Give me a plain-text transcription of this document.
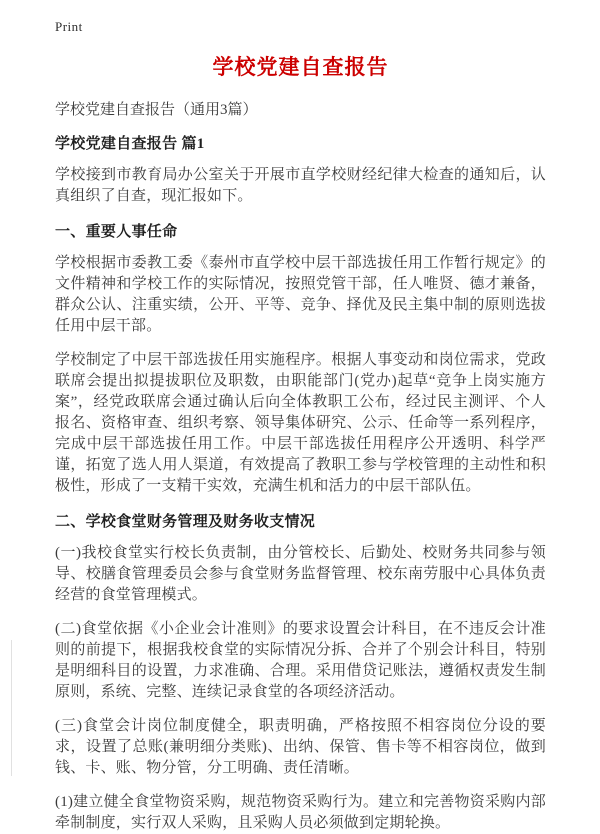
Print
学校党建自查报告
学校党建自查报告（通用3篇）
学校党建自查报告 篇1
学校接到市教育局办公室关于开展市直学校财经纪律大检查的通知后，认真组织了自查，现汇报如下。
一、重要人事任命
学校根据市委教工委《泰州市直学校中层干部选拔任用工作暂行规定》的文件精神和学校工作的实际情况，按照党管干部，任人唯贤、德才兼备，群众公认、注重实绩，公开、平等、竞争、择优及民主集中制的原则选拔任用中层干部。
学校制定了中层干部选拔任用实施程序。根据人事变动和岗位需求，党政联席会提出拟提拔职位及职数，由职能部门(党办)起草“竞争上岗实施方案”，经党政联席会通过确认后向全体教职工公布，经过民主测评、个人报名、资格审查、组织考察、领导集体研究、公示、任命等一系列程序，完成中层干部选拔任用工作。中层干部选拔任用程序公开透明、科学严谨，拓宽了选人用人渠道，有效提高了教职工参与学校管理的主动性和积极性，形成了一支精干实效，充满生机和活力的中层干部队伍。
二、学校食堂财务管理及财务收支情况
(一)我校食堂实行校长负责制，由分管校长、后勤处、校财务共同参与领导、校膳食管理委员会参与食堂财务监督管理、校东南劳服中心具体负责经营的食堂管理模式。
(二)食堂依据《小企业会计准则》的要求设置会计科目，在不违反会计准则的前提下，根据我校食堂的实际情况分拆、合并了个别会计科目，特别是明细科目的设置，力求准确、合理。采用借贷记账法，遵循权责发生制原则，系统、完整、连续记录食堂的各项经济活动。
(三)食堂会计岗位制度健全，职责明确，严格按照不相容岗位分设的要求，设置了总账(兼明细分类账)、出纳、保管、售卡等不相容岗位，做到钱、卡、账、物分管，分工明确、责任清晰。
(1)建立健全食堂物资采购，规范物资采购行为。建立和完善物资采购内部牵制制度，实行双人采购，且采购人员必须做到定期轮换。
